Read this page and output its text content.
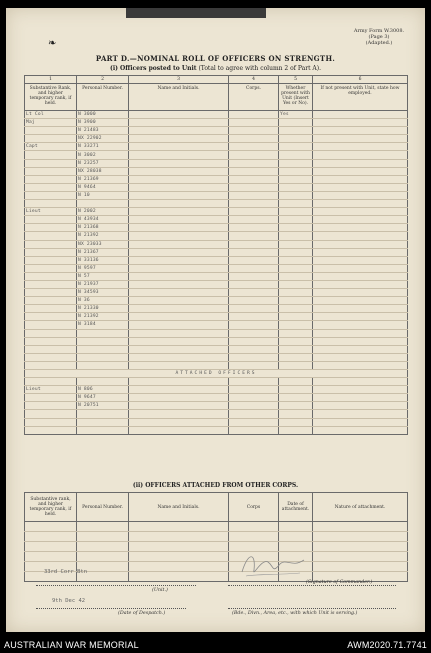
Army Form W.3008.
(Page 3)
(Adapted.)
❧
PART D.—NOMINAL ROLL OF OFFICERS ON STRENGTH.
(i) Officers posted to Unit (Total to agree with column 2 of Part A).
1	2	3	4	5	6
Substantive Rank, and higher temporary rank, if held.	Personal Number.	Name and Initials.	Corps.	Whether present with Unit (Insert Yes or No).	If not present with Unit, state how employed.
Lt Col	N 3000			Yes	
Maj	N 3900				
	N 21483				
	NX 22902				
Capt	N 33271				
	N 3002				
	N 23257				
	NX 28038				
	N 21369				
	N 9464				
	N 10				

Lieut	N 2002				
	N 43934				
	N 21368				
	N 21392				
	NX 23033				
	N 21367				
	N 33136				
	N 9597				
	N 57				
	N 21937				
	N 34593				
	N 36				
	N 21330				
	N 21392				
	N 3184				

ATTACHED OFFICERS					

Lieut	N 806				
	N 9647				
	N 20751				

(ii) OFFICERS ATTACHED FROM OTHER CORPS.
Substantive rank, and higher temporary rank, if held.	Personal Number.	Name and Initials.	Corps	Date of attachment.	Nature of attachment.

33rd Corr Btn
(Unit.)
(Signature of Commander.)
9th Dec 42
(Date of Despatch.)	(Bde., Divn., Area, etc., with which Unit is serving.)
AUSTRALIAN WAR MEMORIAL	AWM2020.71.7741
